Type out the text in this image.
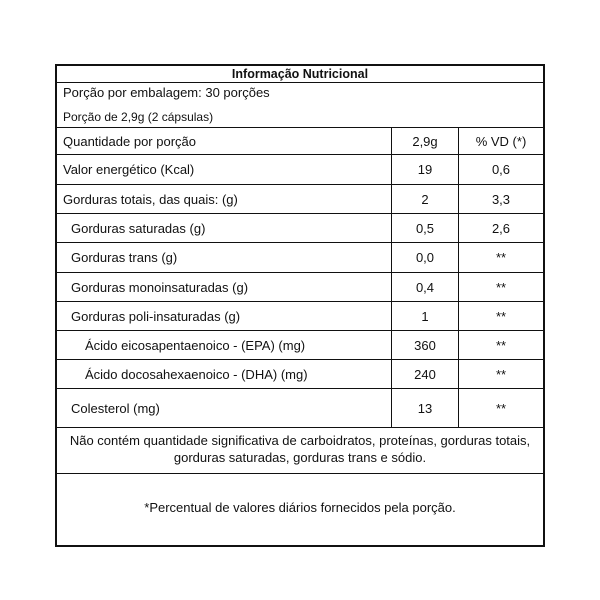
Informação Nutricional
Porção por embalagem: 30 porções
Porção de 2,9g (2 cápsulas)
Quantidade por porção	2,9g	% VD (*)
Valor energético (Kcal)	19	0,6
Gorduras totais, das quais: (g)	2	3,3
Gorduras saturadas (g)	0,5	2,6
Gorduras trans (g)	0,0	**
Gorduras monoinsaturadas (g)	0,4	**
Gorduras poli-insaturadas (g)	1	**
Ácido eicosapentaenoico - (EPA) (mg)	360	**
Ácido docosahexaenoico - (DHA) (mg)	240	**
Colesterol (mg)	13	**
Não contém quantidade significativa de carboidratos, proteínas, gorduras totais, gorduras saturadas, gorduras trans e sódio.
*Percentual de valores diários fornecidos pela porção.
